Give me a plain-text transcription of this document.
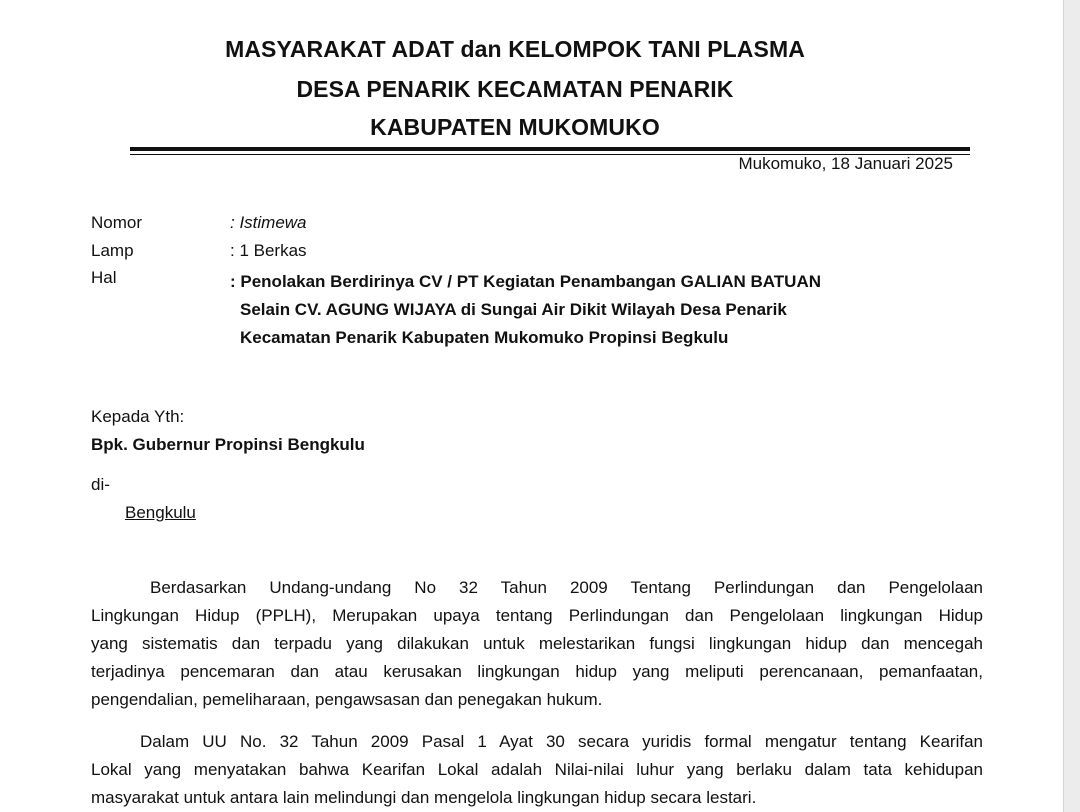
MASYARAKAT ADAT dan KELOMPOK TANI PLASMA
DESA PENARIK KECAMATAN PENARIK
KABUPATEN MUKOMUKO
Mukomuko, 18 Januari 2025
Nomor	: Istimewa
Lamp	: 1 Berkas
Hal	: Penolakan Berdirinya CV / PT Kegiatan Penambangan GALIAN BATUAN
Selain CV. AGUNG WIJAYA di Sungai Air Dikit Wilayah Desa Penarik
Kecamatan Penarik Kabupaten Mukomuko Propinsi Begkulu
Kepada Yth:
Bpk. Gubernur Propinsi Bengkulu
di-
Bengkulu
Berdasarkan Undang-undang No 32 Tahun 2009 Tentang Perlindungan dan Pengelolaan
Lingkungan Hidup (PPLH), Merupakan upaya tentang Perlindungan dan Pengelolaan lingkungan Hidup
yang sistematis dan terpadu yang dilakukan untuk melestarikan fungsi lingkungan hidup dan mencegah
terjadinya pencemaran dan atau kerusakan lingkungan hidup yang meliputi perencanaan, pemanfaatan,
pengendalian, pemeliharaan, pengawsasan dan penegakan hukum.
Dalam UU No. 32 Tahun 2009 Pasal 1 Ayat 30 secara yuridis formal mengatur tentang Kearifan
Lokal yang menyatakan bahwa Kearifan Lokal adalah Nilai-nilai luhur yang berlaku dalam tata kehidupan
masyarakat untuk antara lain melindungi dan mengelola lingkungan hidup secara lestari.
